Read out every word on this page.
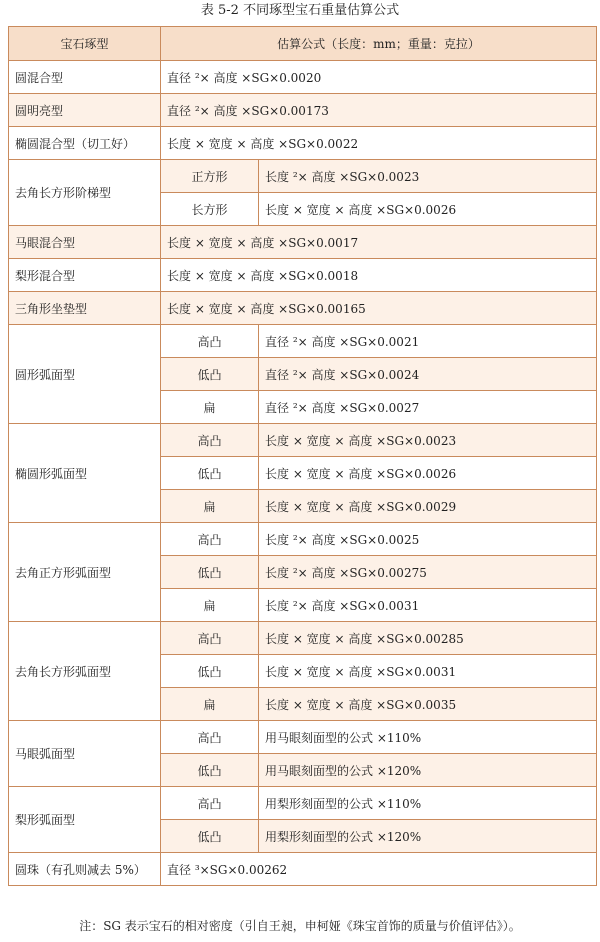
表 5-2 不同琢型宝石重量估算公式
宝石琢型	估算公式（长度：mm；重量：克拉）	
圆混合型	直径 ²× 高度 ×SG×0.0020	
圆明亮型	直径 ²× 高度 ×SG×0.00173	
椭圆混合型（切工好）	长度 × 宽度 × 高度 ×SG×0.0022	
去角长方形阶梯型	正方形	长度 ²× 高度 ×SG×0.0023
	长方形	长度 × 宽度 × 高度 ×SG×0.0026
马眼混合型	长度 × 宽度 × 高度 ×SG×0.0017	
梨形混合型	长度 × 宽度 × 高度 ×SG×0.0018	
三角形坐垫型	长度 × 宽度 × 高度 ×SG×0.00165	
圆形弧面型	高凸	直径 ²× 高度 ×SG×0.0021
	低凸	直径 ²× 高度 ×SG×0.0024
	扁	直径 ²× 高度 ×SG×0.0027
椭圆形弧面型	高凸	长度 × 宽度 × 高度 ×SG×0.0023
	低凸	长度 × 宽度 × 高度 ×SG×0.0026
	扁	长度 × 宽度 × 高度 ×SG×0.0029
去角正方形弧面型	高凸	长度 ²× 高度 ×SG×0.0025
	低凸	长度 ²× 高度 ×SG×0.00275
	扁	长度 ²× 高度 ×SG×0.0031
去角长方形弧面型	高凸	长度 × 宽度 × 高度 ×SG×0.00285
	低凸	长度 × 宽度 × 高度 ×SG×0.0031
	扁	长度 × 宽度 × 高度 ×SG×0.0035
马眼弧面型	高凸	用马眼刻面型的公式 ×110%
	低凸	用马眼刻面型的公式 ×120%
梨形弧面型	高凸	用梨形刻面型的公式 ×110%
	低凸	用梨形刻面型的公式 ×120%
圆珠（有孔则减去 5%）	直径 ³×SG×0.00262	
注：SG 表示宝石的相对密度（引自王昶，申柯娅《珠宝首饰的质量与价值评估》）。
